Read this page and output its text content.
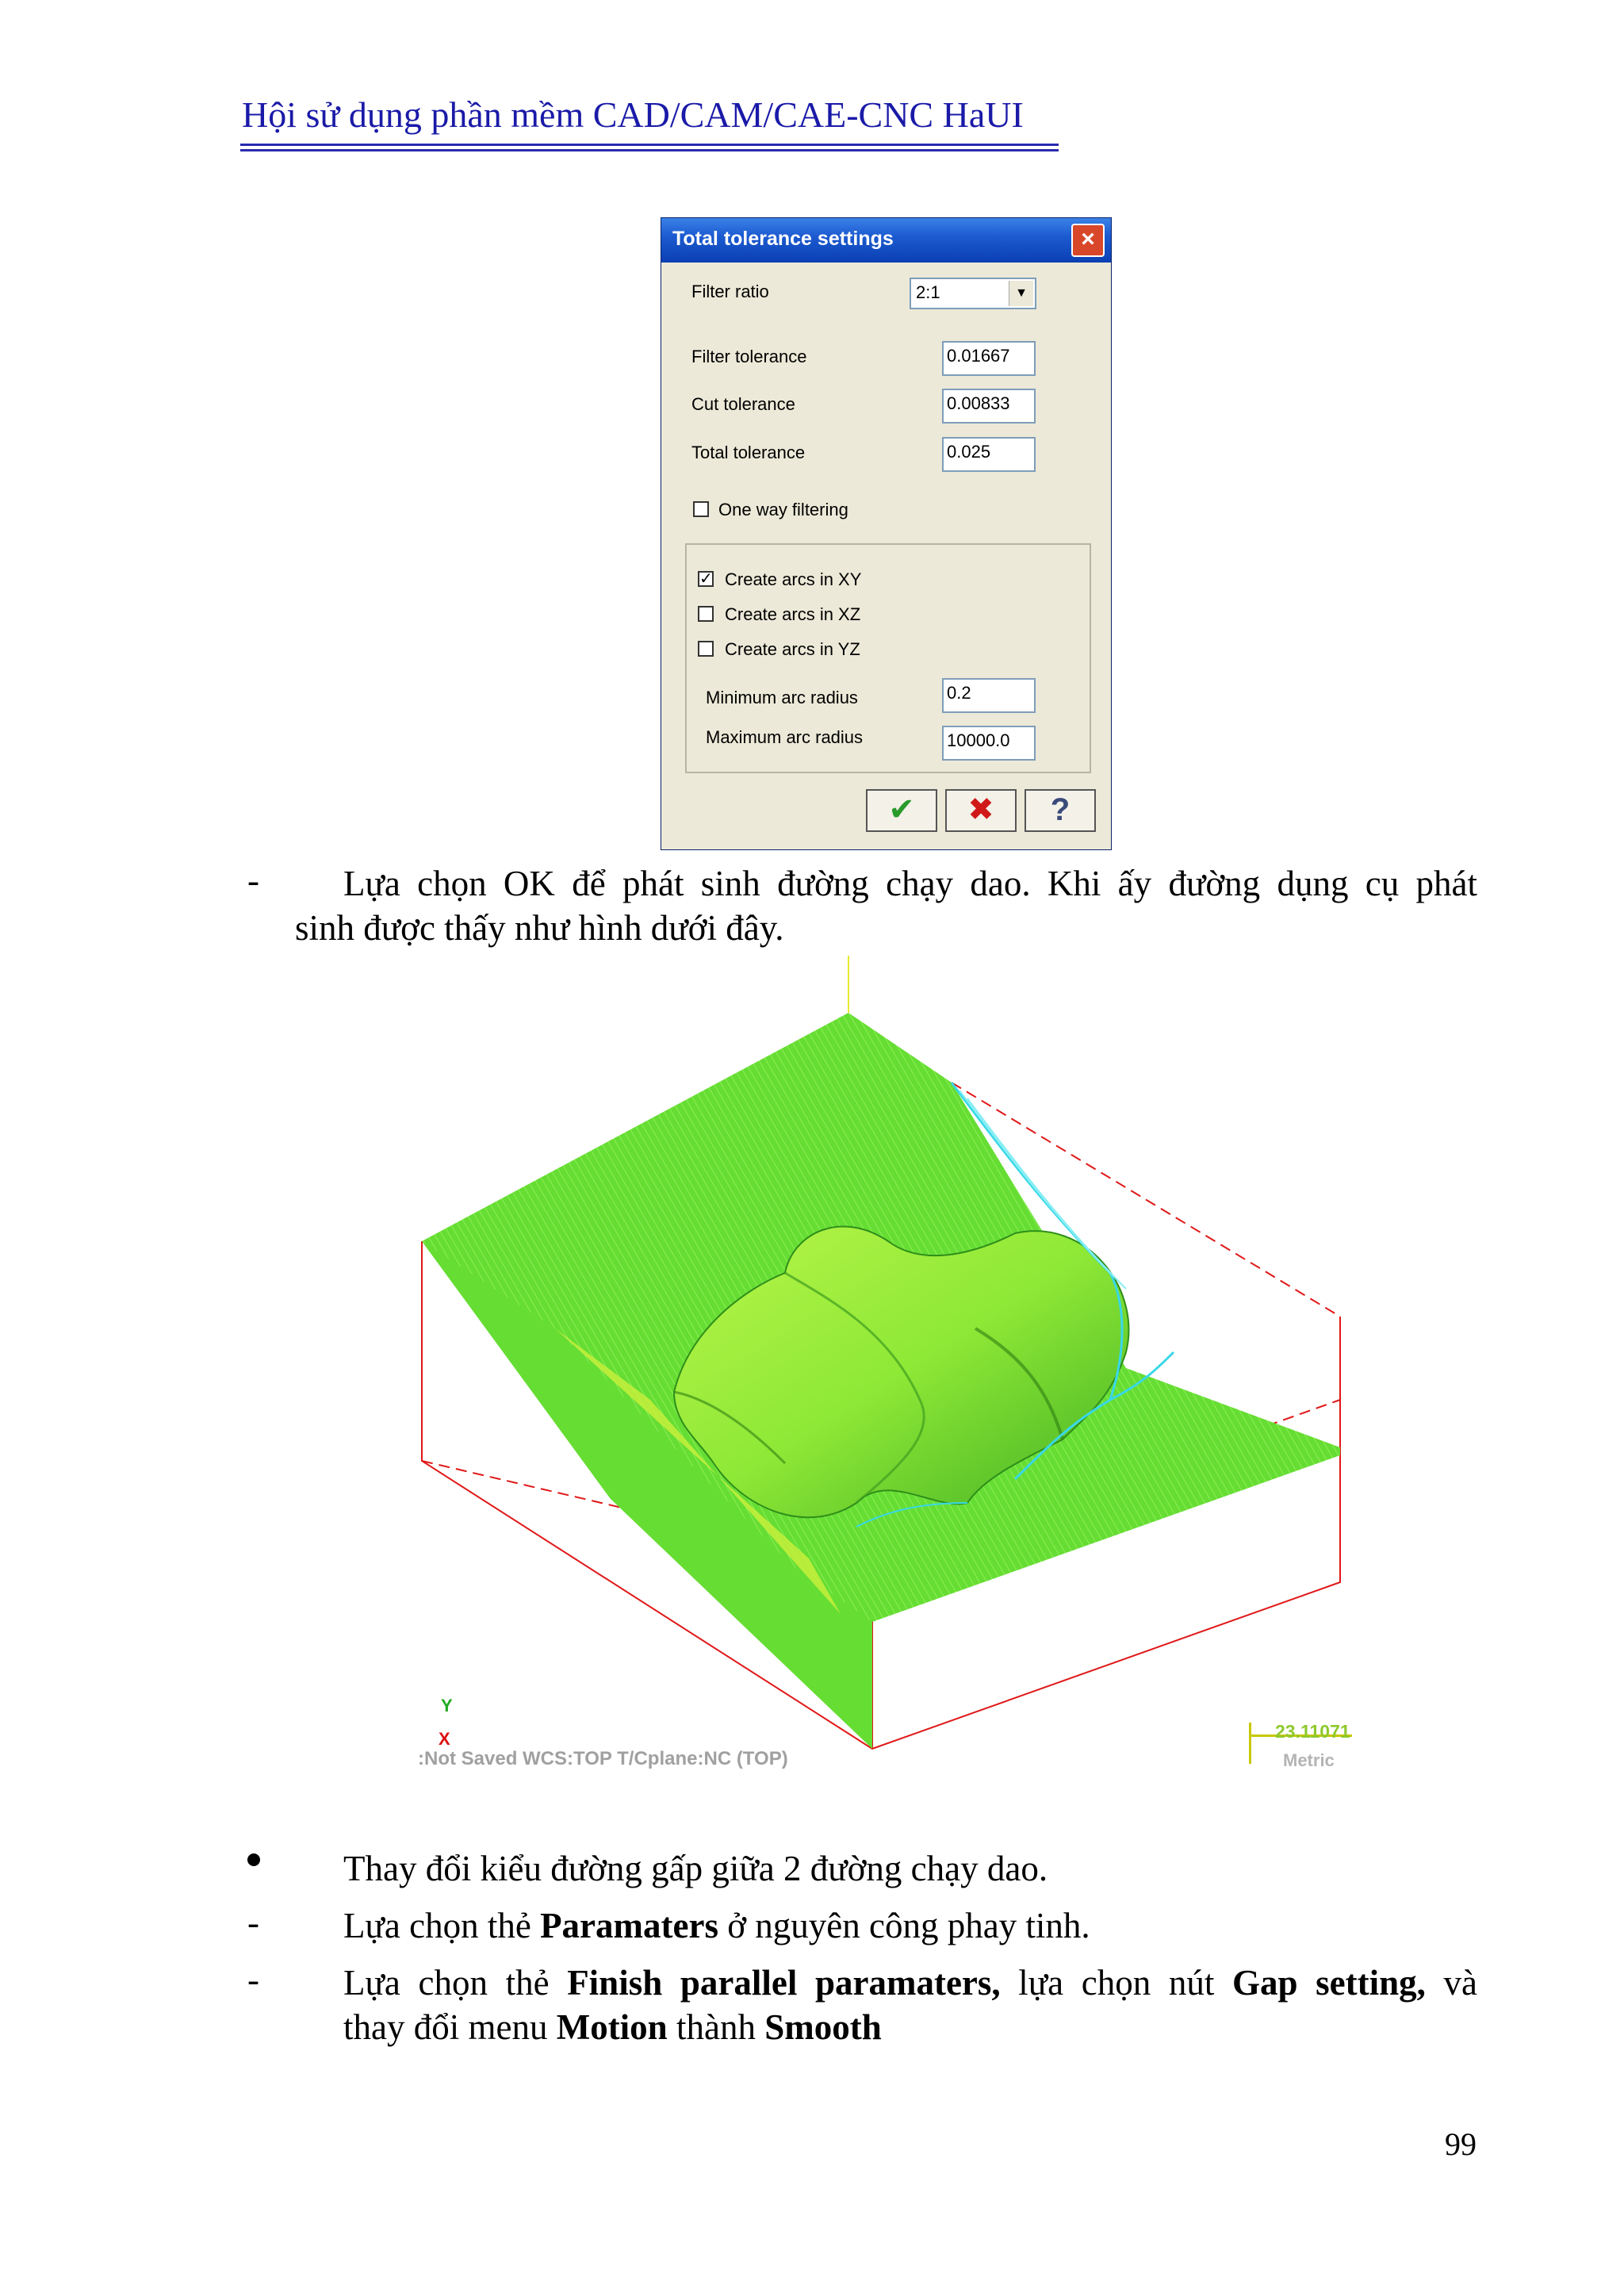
Hội sử dụng phần mềm CAD/CAM/CAE-CNC HaUI
Total tolerance settings	×
Filter ratio	2:1	▼
Filter tolerance	0.01667
Cut tolerance	0.00833
Total tolerance	0.025
One way filtering
✓ Create arcs in XY
Create arcs in XZ
Create arcs in YZ
Minimum arc radius	0.2
Maximum arc radius	10000.0
✔	✖	?
- Lựa chọn OK để phát sinh đường chạy dao. Khi ấy đường dụng cụ phát
sinh được thấy như hình dưới đây.
Y
X
:Not Saved WCS:TOP T/Cplane:NC (TOP)
23.11071
Metric
Thay đổi kiểu đường gấp giữa 2 đường chạy dao.
- Lựa chọn thẻ Paramaters ở nguyên công phay tinh.
- Lựa chọn thẻ Finish parallel paramaters, lựa chọn nút Gap setting, và
thay đổi menu Motion thành Smooth
99
